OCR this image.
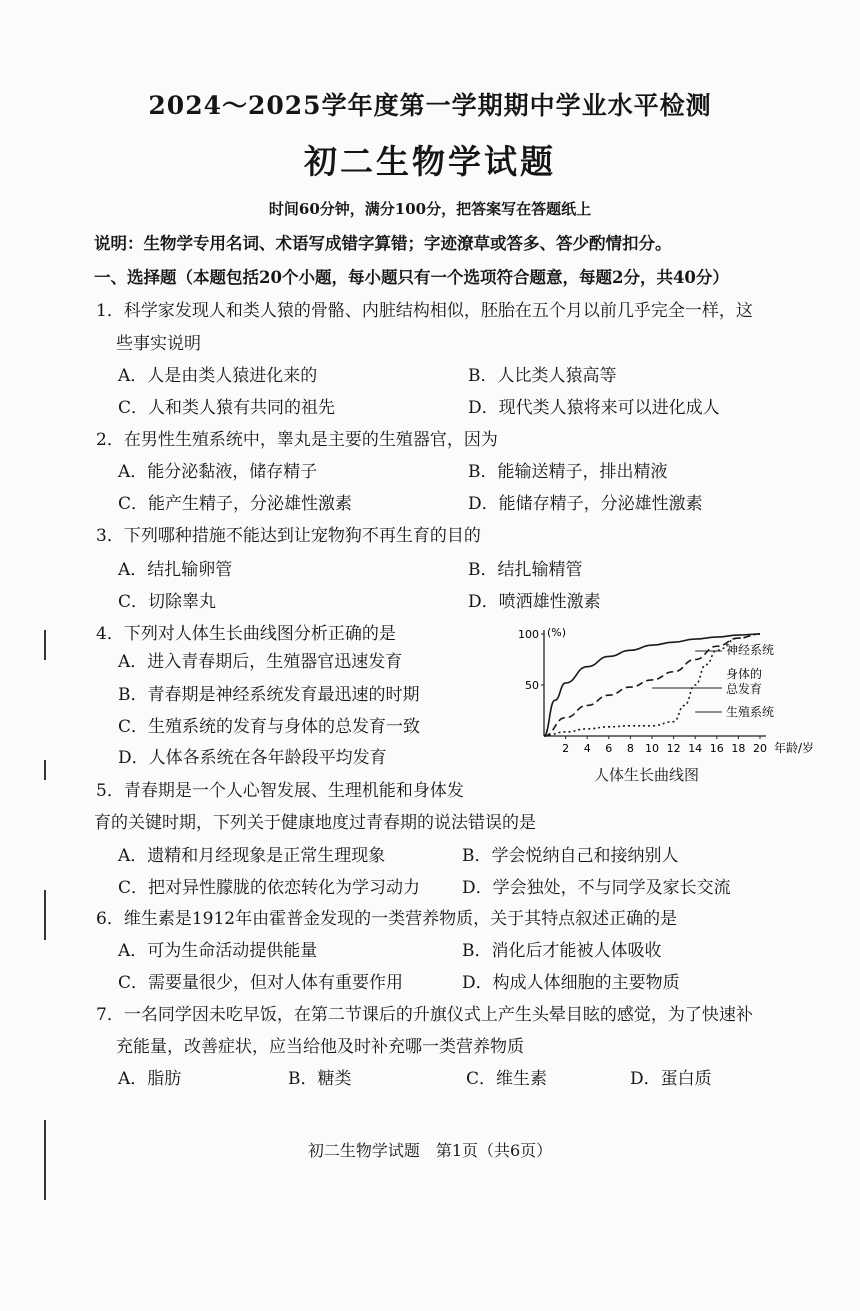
2024～2025学年度第一学期期中学业水平检测
初二生物学试题
时间60分钟，满分100分，把答案写在答题纸上
说明：生物学专用名词、术语写成错字算错；字迹潦草或答多、答少酌情扣分。
一、选择题（本题包括20个小题，每小题只有一个选项符合题意，每题2分，共40分）
1．科学家发现人和类人猿的骨骼、内脏结构相似，胚胎在五个月以前几乎完全一样，这
些事实说明
A．人是由类人猿进化来的	B．人比类人猿高等
C．人和类人猿有共同的祖先	D．现代类人猿将来可以进化成人
2．在男性生殖系统中，睾丸是主要的生殖器官，因为
A．能分泌黏液，储存精子	B．能输送精子，排出精液
C．能产生精子，分泌雄性激素	D．能储存精子，分泌雄性激素
3．下列哪种措施不能达到让宠物狗不再生育的目的
A．结扎输卵管	B．结扎输精管
C．切除睾丸	D．喷洒雄性激素
4．下列对人体生长曲线图分析正确的是
A．进入青春期后，生殖器官迅速发育
B．青春期是神经系统发育最迅速的时期
C．生殖系统的发育与身体的总发育一致
D．人体各系统在各年龄段平均发育
(%)
50
100
2 4 6 8 10 12 14 16 18 20 年龄/岁
神经系统
身体的
总发育
生殖系统
人体生长曲线图
5．青春期是一个人心智发展、生理机能和身体发
育的关键时期，下列关于健康地度过青春期的说法错误的是
A．遗精和月经现象是正常生理现象	B．学会悦纳自己和接纳别人
C．把对异性朦胧的依恋转化为学习动力 D．学会独处，不与同学及家长交流
6．维生素是1912年由霍普金发现的一类营养物质，关于其特点叙述正确的是
A．可为生命活动提供能量	B．消化后才能被人体吸收
C．需要量很少，但对人体有重要作用	D．构成人体细胞的主要物质
7．一名同学因未吃早饭，在第二节课后的升旗仪式上产生头晕目眩的感觉，为了快速补
充能量，改善症状，应当给他及时补充哪一类营养物质
A．脂肪	B．糖类	C．维生素	D．蛋白质
初二生物学试题　第1页（共6页）
